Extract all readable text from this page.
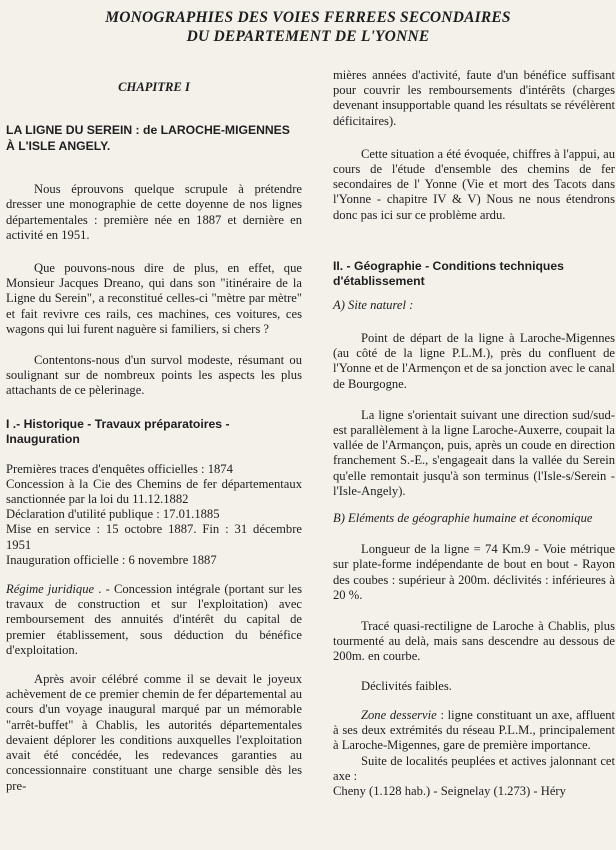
MONOGRAPHIES DES VOIES FERREES SECONDAIRES
DU DEPARTEMENT DE L'YONNE

CHAPITRE I

LA LIGNE DU SEREIN : de LAROCHE-MIGENNES À L'ISLE ANGELY.

Nous éprouvons quelque scrupule à prétendre dresser une monographie de cette doyenne de nos lignes départementales : première née en 1887 et dernière en activité en 1951.

Que pouvons-nous dire de plus, en effet, que Monsieur Jacques Dreano, qui dans son "itinéraire de la Ligne du Serein", a reconstitué celles-ci "mètre par mètre" et fait revivre ces rails, ces machines, ces voitures, ces wagons qui lui furent naguère si familiers, si chers ?

Contentons-nous d'un survol modeste, résumant ou soulignant sur de nombreux points les aspects les plus attachants de ce pèlerinage.

I .- Historique - Travaux préparatoires - Inauguration

Premières traces d'enquêtes officielles : 1874

Concession à la Cie des Chemins de fer départementaux sanctionnée par la loi du 11.12.1882

Déclaration d'utilité publique : 17.01.1885

Mise en service : 15 octobre 1887. Fin : 31 décembre 1951

Inauguration officielle : 6 novembre 1887

Régime juridique . - Concession intégrale (portant sur les travaux de construction et sur l'exploitation) avec remboursement des annuités d'intérêt du capital de premier établissement, sous déduction du bénéfice d'exploitation.

Après avoir célébré comme il se devait le joyeux achèvement de ce premier chemin de fer départemental au cours d'un voyage inaugural marqué par un mémorable "arrêt-buffet" à Chablis, les autorités départementales devaient déplorer les conditions auxquelles l'exploitation avait été concédée, les redevances garanties au concessionnaire constituant une charge sensible dès les pre-

mières années d'activité, faute d'un bénéfice suffisant pour couvrir les remboursements d'intérêts (charges devenant insupportable quand les résultats se révélèrent déficitaires).

Cette situation a été évoquée, chiffres à l'appui, au cours de l'étude d'ensemble des chemins de fer secondaires de l' Yonne (Vie et mort des Tacots dans l'Yonne - chapitre IV & V) Nous ne nous étendrons donc pas ici sur ce problème ardu.

II. - Géographie - Conditions techniques d'établissement

A) Site naturel :

Point de départ de la ligne à Laroche-Migennes (au côté de la ligne P.L.M.), près du confluent de l'Yonne et de l'Armençon et de sa jonction avec le canal de Bourgogne.

La ligne s'orientait suivant une direction sud/sud-est parallèlement à la ligne Laroche-Auxerre, coupait la vallée de l'Armançon, puis, après un coude en direction franchement S.-E., s'engageait dans la vallée du Serein qu'elle remontait jusqu'à son terminus (l'Isle-s/Serein - l'Isle-Angely).

B) Eléments de géographie humaine et économique

Longueur de la ligne = 74 Km.9 - Voie métrique sur plate-forme indépendante de bout en bout - Rayon des coubes : supérieur à 200m. déclivités : inférieures à 20 %.

Tracé quasi-rectiligne de Laroche à Chablis, plus tourmenté au delà, mais sans descendre au dessous de 200m. en courbe.

Déclivités faibles.

Zone desservie : ligne constituant un axe, affluent à ses deux extrémités du réseau P.L.M., principalement à Laroche-Migennes, gare de première importance.

Suite de localités peuplées et actives jalonnant cet axe :

Cheny (1.128 hab.) - Seignelay (1.273) - Héry
